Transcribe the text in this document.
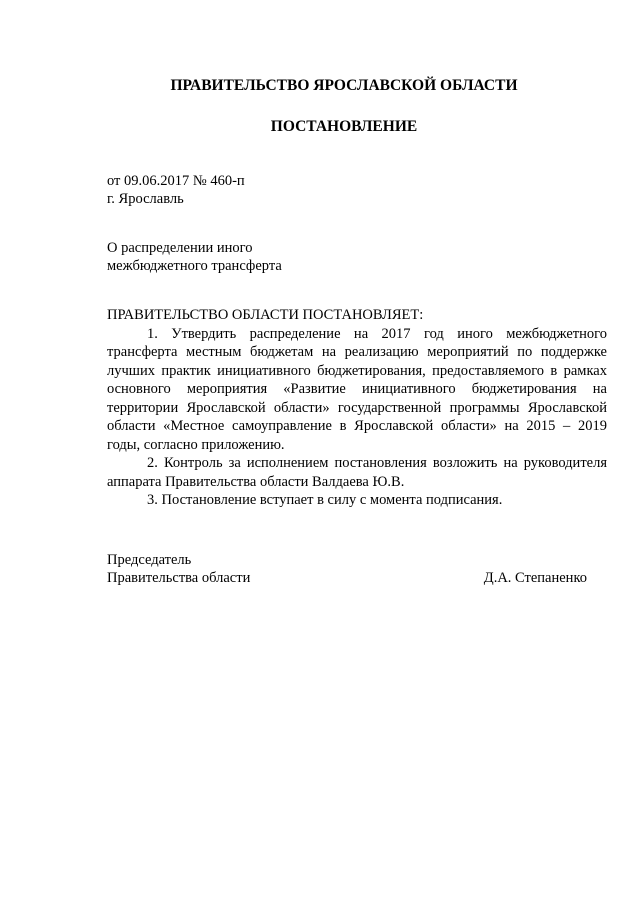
ПРАВИТЕЛЬСТВО ЯРОСЛАВСКОЙ ОБЛАСТИ
ПОСТАНОВЛЕНИЕ
от 09.06.2017 № 460-п
г. Ярославль
О распределении иного
межбюджетного трансферта

ПРАВИТЕЛЬСТВО ОБЛАСТИ ПОСТАНОВЛЯЕТ:

1. Утвердить распределение на 2017 год иного межбюджетного трансферта местным бюджетам на реализацию мероприятий по поддержке лучших практик инициативного бюджетирования, предоставляемого в рамках основного мероприятия «Развитие инициативного бюджетирования на территории Ярославской области» государственной программы Ярославской области «Местное самоуправление в Ярославской области» на 2015 – 2019 годы, согласно приложению.

2. Контроль за исполнением постановления возложить на руководителя аппарата Правительства области Валдаева Ю.В.

3. Постановление вступает в силу с момента подписания.

Председатель
Правительства области	Д.А. Степаненко
